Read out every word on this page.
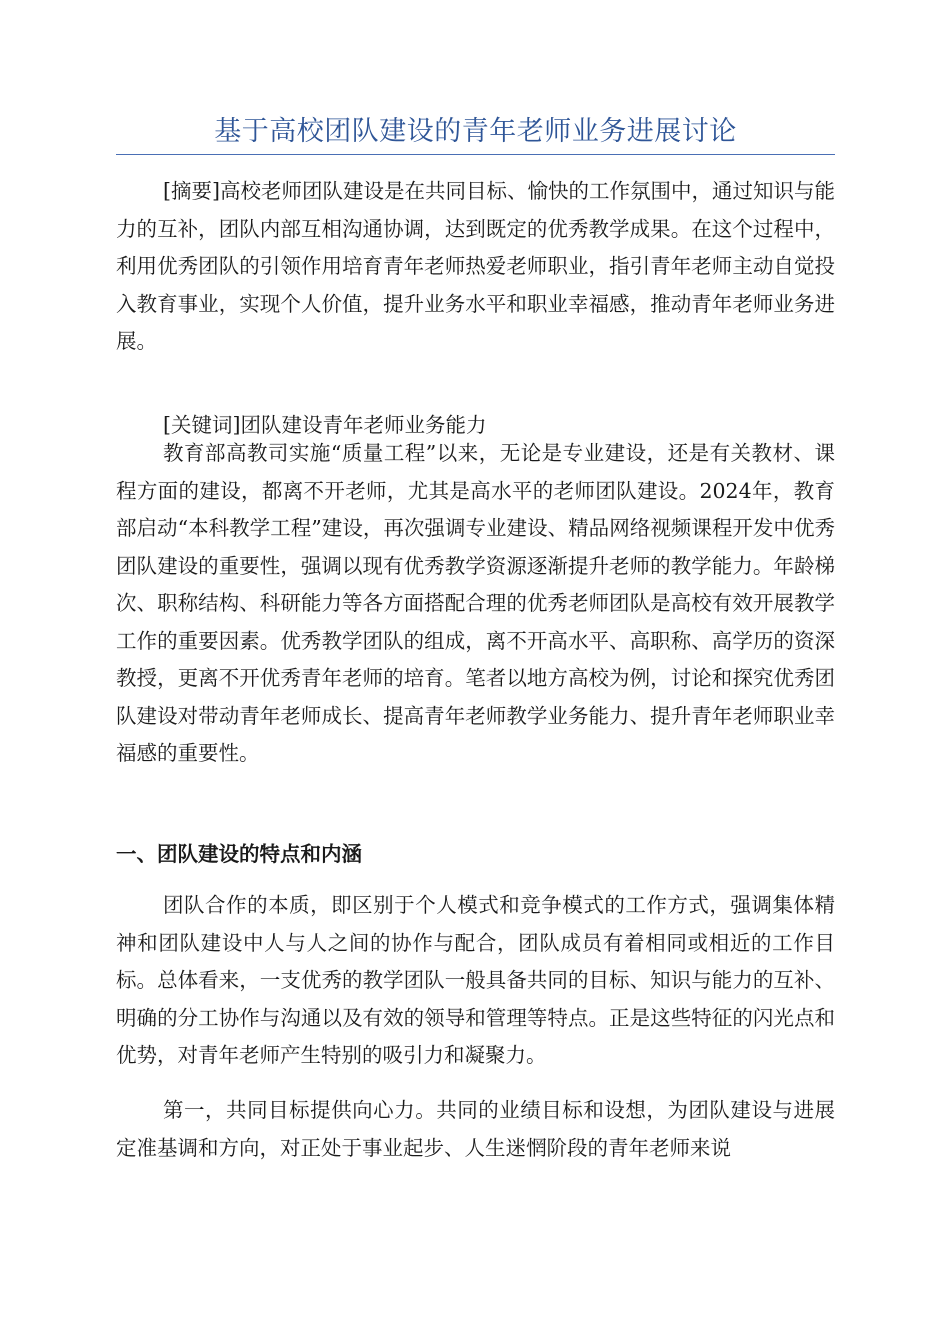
基于高校团队建设的青年老师业务进展讨论

[摘要]高校老师团队建设是在共同目标、愉快的工作氛围中，通过知识与能力的互补，团队内部互相沟通协调，达到既定的优秀教学成果。在这个过程中，利用优秀团队的引领作用培育青年老师热爱老师职业，指引青年老师主动自觉投入教育事业，实现个人价值，提升业务水平和职业幸福感，推动青年老师业务进展。

[关键词]团队建设青年老师业务能力

教育部高教司实施“质量工程”以来，无论是专业建设，还是有关教材、课程方面的建设，都离不开老师，尤其是高水平的老师团队建设。2024年，教育部启动“本科教学工程”建设，再次强调专业建设、精品网络视频课程开发中优秀团队建设的重要性，强调以现有优秀教学资源逐渐提升老师的教学能力。年龄梯次、职称结构、科研能力等各方面搭配合理的优秀老师团队是高校有效开展教学工作的重要因素。优秀教学团队的组成，离不开高水平、高职称、高学历的资深教授，更离不开优秀青年老师的培育。笔者以地方高校为例，讨论和探究优秀团队建设对带动青年老师成长、提高青年老师教学业务能力、提升青年老师职业幸福感的重要性。

一、团队建设的特点和内涵

团队合作的本质，即区别于个人模式和竞争模式的工作方式，强调集体精神和团队建设中人与人之间的协作与配合，团队成员有着相同或相近的工作目标。总体看来，一支优秀的教学团队一般具备共同的目标、知识与能力的互补、明确的分工协作与沟通以及有效的领导和管理等特点。正是这些特征的闪光点和优势，对青年老师产生特别的吸引力和凝聚力。

第一，共同目标提供向心力。共同的业绩目标和设想，为团队建设与进展定准基调和方向，对正处于事业起步、人生迷惘阶段的青年老师来说
